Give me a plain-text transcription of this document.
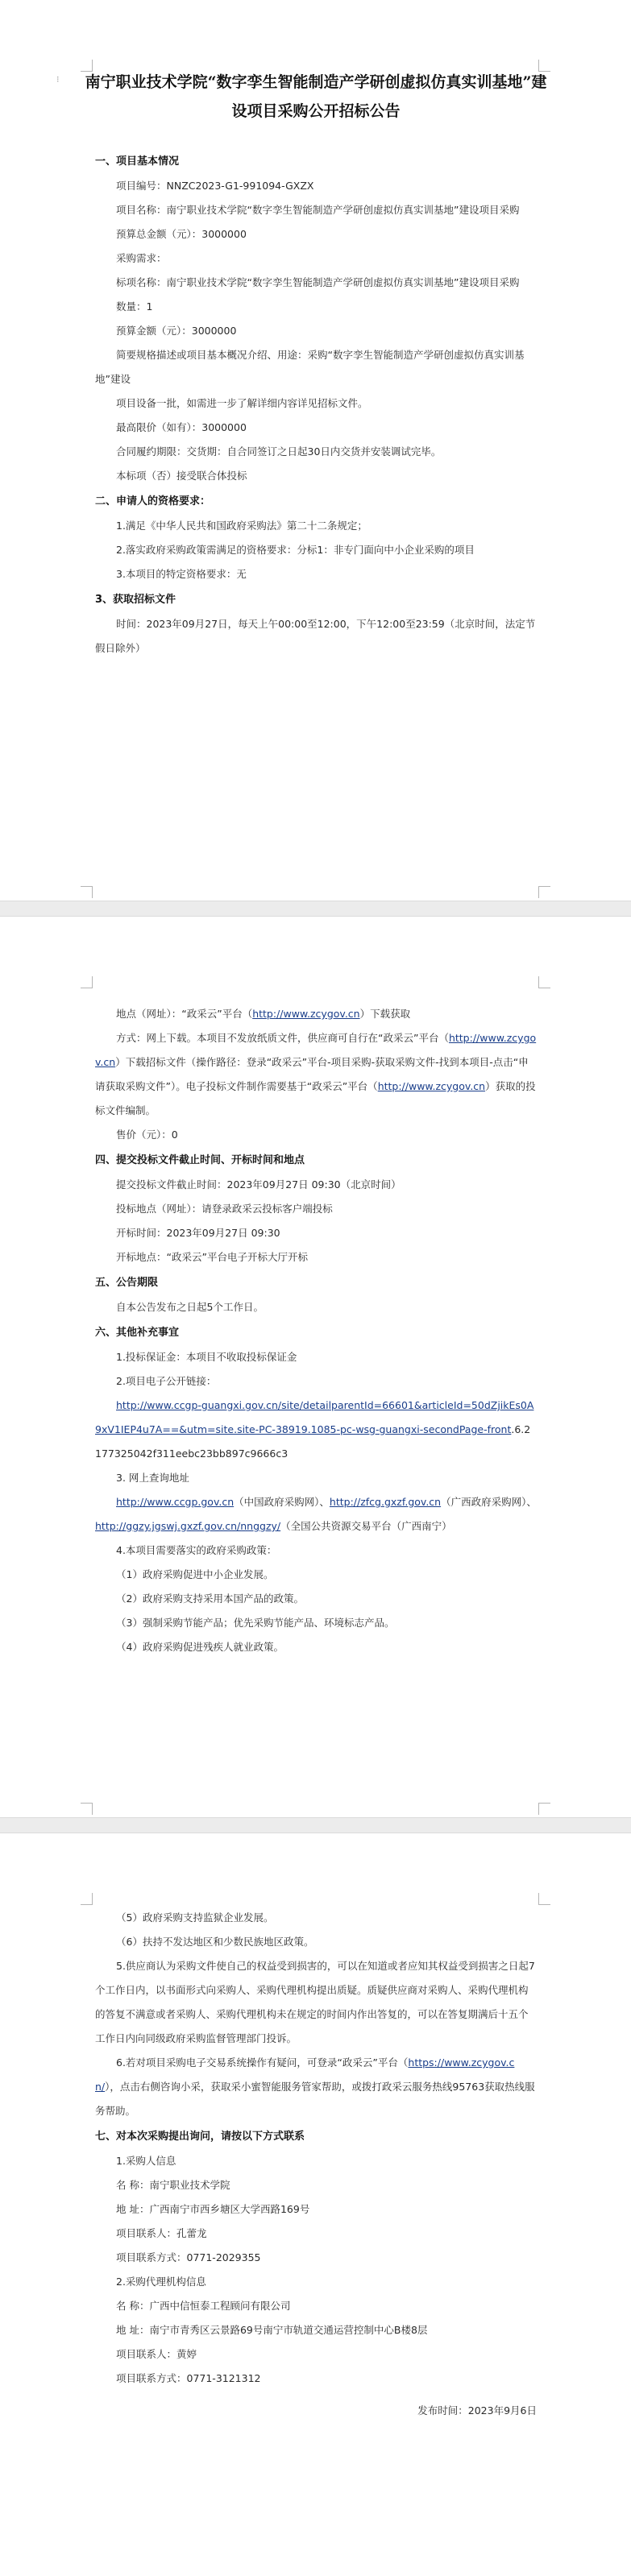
⁝ 南宁职业技术学院“数字孪生智能制造产学研创虚拟仿真实训基地”建设项目采购公开招标公告
一、项目基本情况

项目编号：NNZC2023-G1-991094-GXZX

项目名称：南宁职业技术学院“数字孪生智能制造产学研创虚拟仿真实训基地”建设项目采购

预算总金额（元）：3000000

采购需求：

标项名称：南宁职业技术学院“数字孪生智能制造产学研创虚拟仿真实训基地”建设项目采购

数量：1

预算金额（元）：3000000

简要规格描述或项目基本概况介绍、用途：采购“数字孪生智能制造产学研创虚拟仿真实训基地”建设

项目设备一批，如需进一步了解详细内容详见招标文件。

最高限价（如有）：3000000

合同履约期限：交货期：自合同签订之日起30日内交货并安装调试完毕。

本标项（否）接受联合体投标

二、申请人的资格要求：

1.满足《中华人民共和国政府采购法》第二十二条规定；

2.落实政府采购政策需满足的资格要求：分标1：非专门面向中小企业采购的项目

3.本项目的特定资格要求：无

3、获取招标文件

时间：2023年09月27日，每天上午00:00至12:00，下午12:00至23:59（北京时间，法定节假日除外）

地点（网址）：“政采云”平台（http://www.zcygov.cn）下载获取

方式：网上下载。本项目不发放纸质文件，供应商可自行在“政采云”平台（http://www.zcygov.cn）下载招标文件（操作路径：登录“政采云”平台-项目采购-获取采购文件-找到本项目-点击“申请获取采购文件”）。电子投标文件制作需要基于“政采云”平台（http://www.zcygov.cn）获取的投标文件编制。

售价（元）：0

四、提交投标文件截止时间、开标时间和地点

提交投标文件截止时间：2023年09月27日 09:30（北京时间）

投标地点（网址）：请登录政采云投标客户端投标

开标时间：2023年09月27日 09:30

开标地点：“政采云”平台电子开标大厅开标

五、公告期限

自本公告发布之日起5个工作日。

六、其他补充事宜

1.投标保证金：本项目不收取投标保证金

2.项目电子公开链接：

http://www.ccgp-guangxi.gov.cn/site/detailparentId=66601&articleId=50dZjikEs0A9xV1IEP4u7A==&utm=site.site-PC-38919.1085-pc-wsg-guangxi-secondPage-front.6.2177325042f311eebc23bb897c9666c3

3. 网上查询地址

http://www.ccgp.gov.cn（中国政府采购网）、http://zfcg.gxzf.gov.cn（广西政府采购网）、http://ggzy.jgswj.gxzf.gov.cn/nnggzy/（全国公共资源交易平台（广西南宁）

4.本项目需要落实的政府采购政策：

（1）政府采购促进中小企业发展。

（2）政府采购支持采用本国产品的政策。

（3）强制采购节能产品；优先采购节能产品、环境标志产品。

（4）政府采购促进残疾人就业政策。

（5）政府采购支持监狱企业发展。

（6）扶持不发达地区和少数民族地区政策。

5.供应商认为采购文件使自己的权益受到损害的，可以在知道或者应知其权益受到损害之日起7个工作日内，以书面形式向采购人、采购代理机构提出质疑。质疑供应商对采购人、采购代理机构的答复不满意或者采购人、采购代理机构未在规定的时间内作出答复的，可以在答复期满后十五个工作日内向同级政府采购监督管理部门投诉。

6.若对项目采购电子交易系统操作有疑问，可登录“政采云”平台（https://www.zcygov.cn/），点击右侧咨询小采，获取采小蜜智能服务管家帮助，或拨打政采云服务热线95763获取热线服务帮助。

七、对本次采购提出询问，请按以下方式联系

1.采购人信息

名 称：南宁职业技术学院

地 址：广西南宁市西乡塘区大学西路169号

项目联系人：孔蕾龙

项目联系方式：0771-2029355

2.采购代理机构信息

名 称：广西中信恒泰工程顾问有限公司

地 址：南宁市青秀区云景路69号南宁市轨道交通运营控制中心B楼8层

项目联系人：黄婷

项目联系方式：0771-3121312

发布时间：2023年9月6日
